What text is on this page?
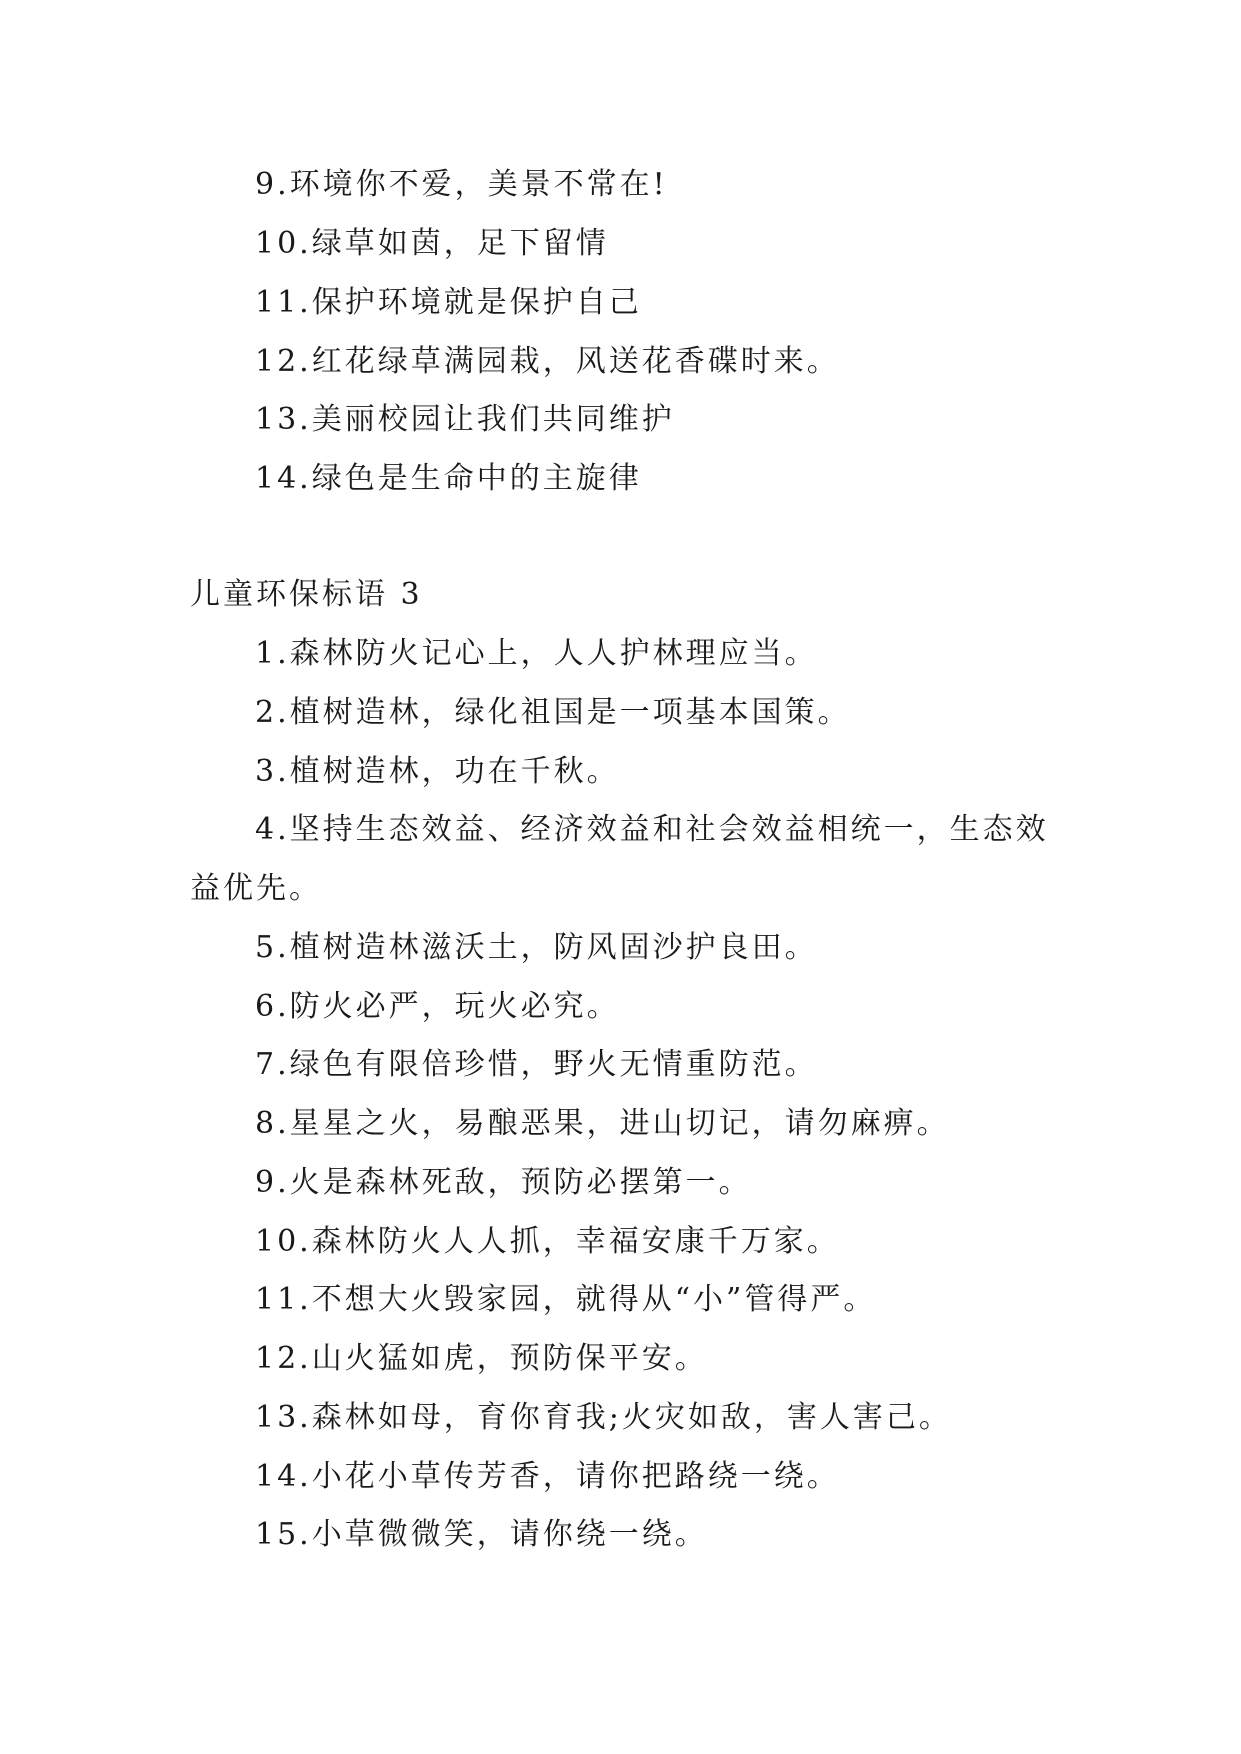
9.环境你不爱，美景不常在!
10.绿草如茵，足下留情
11.保护环境就是保护自己
12.红花绿草满园栽，风送花香碟时来。
13.美丽校园让我们共同维护
14.绿色是生命中的主旋律
儿童环保标语 3
1.森林防火记心上，人人护林理应当。
2.植树造林，绿化祖国是一项基本国策。
3.植树造林，功在千秋。
4.坚持生态效益、经济效益和社会效益相统一，生态效
益优先。
5.植树造林滋沃土，防风固沙护良田。
6.防火必严，玩火必究。
7.绿色有限倍珍惜，野火无情重防范。
8.星星之火，易酿恶果，进山切记，请勿麻痹。
9.火是森林死敌，预防必摆第一。
10.森林防火人人抓，幸福安康千万家。
11.不想大火毁家园，就得从“小”管得严。
12.山火猛如虎，预防保平安。
13.森林如母，育你育我;火灾如敌，害人害己。
14.小花小草传芳香，请你把路绕一绕。
15.小草微微笑，请你绕一绕。
